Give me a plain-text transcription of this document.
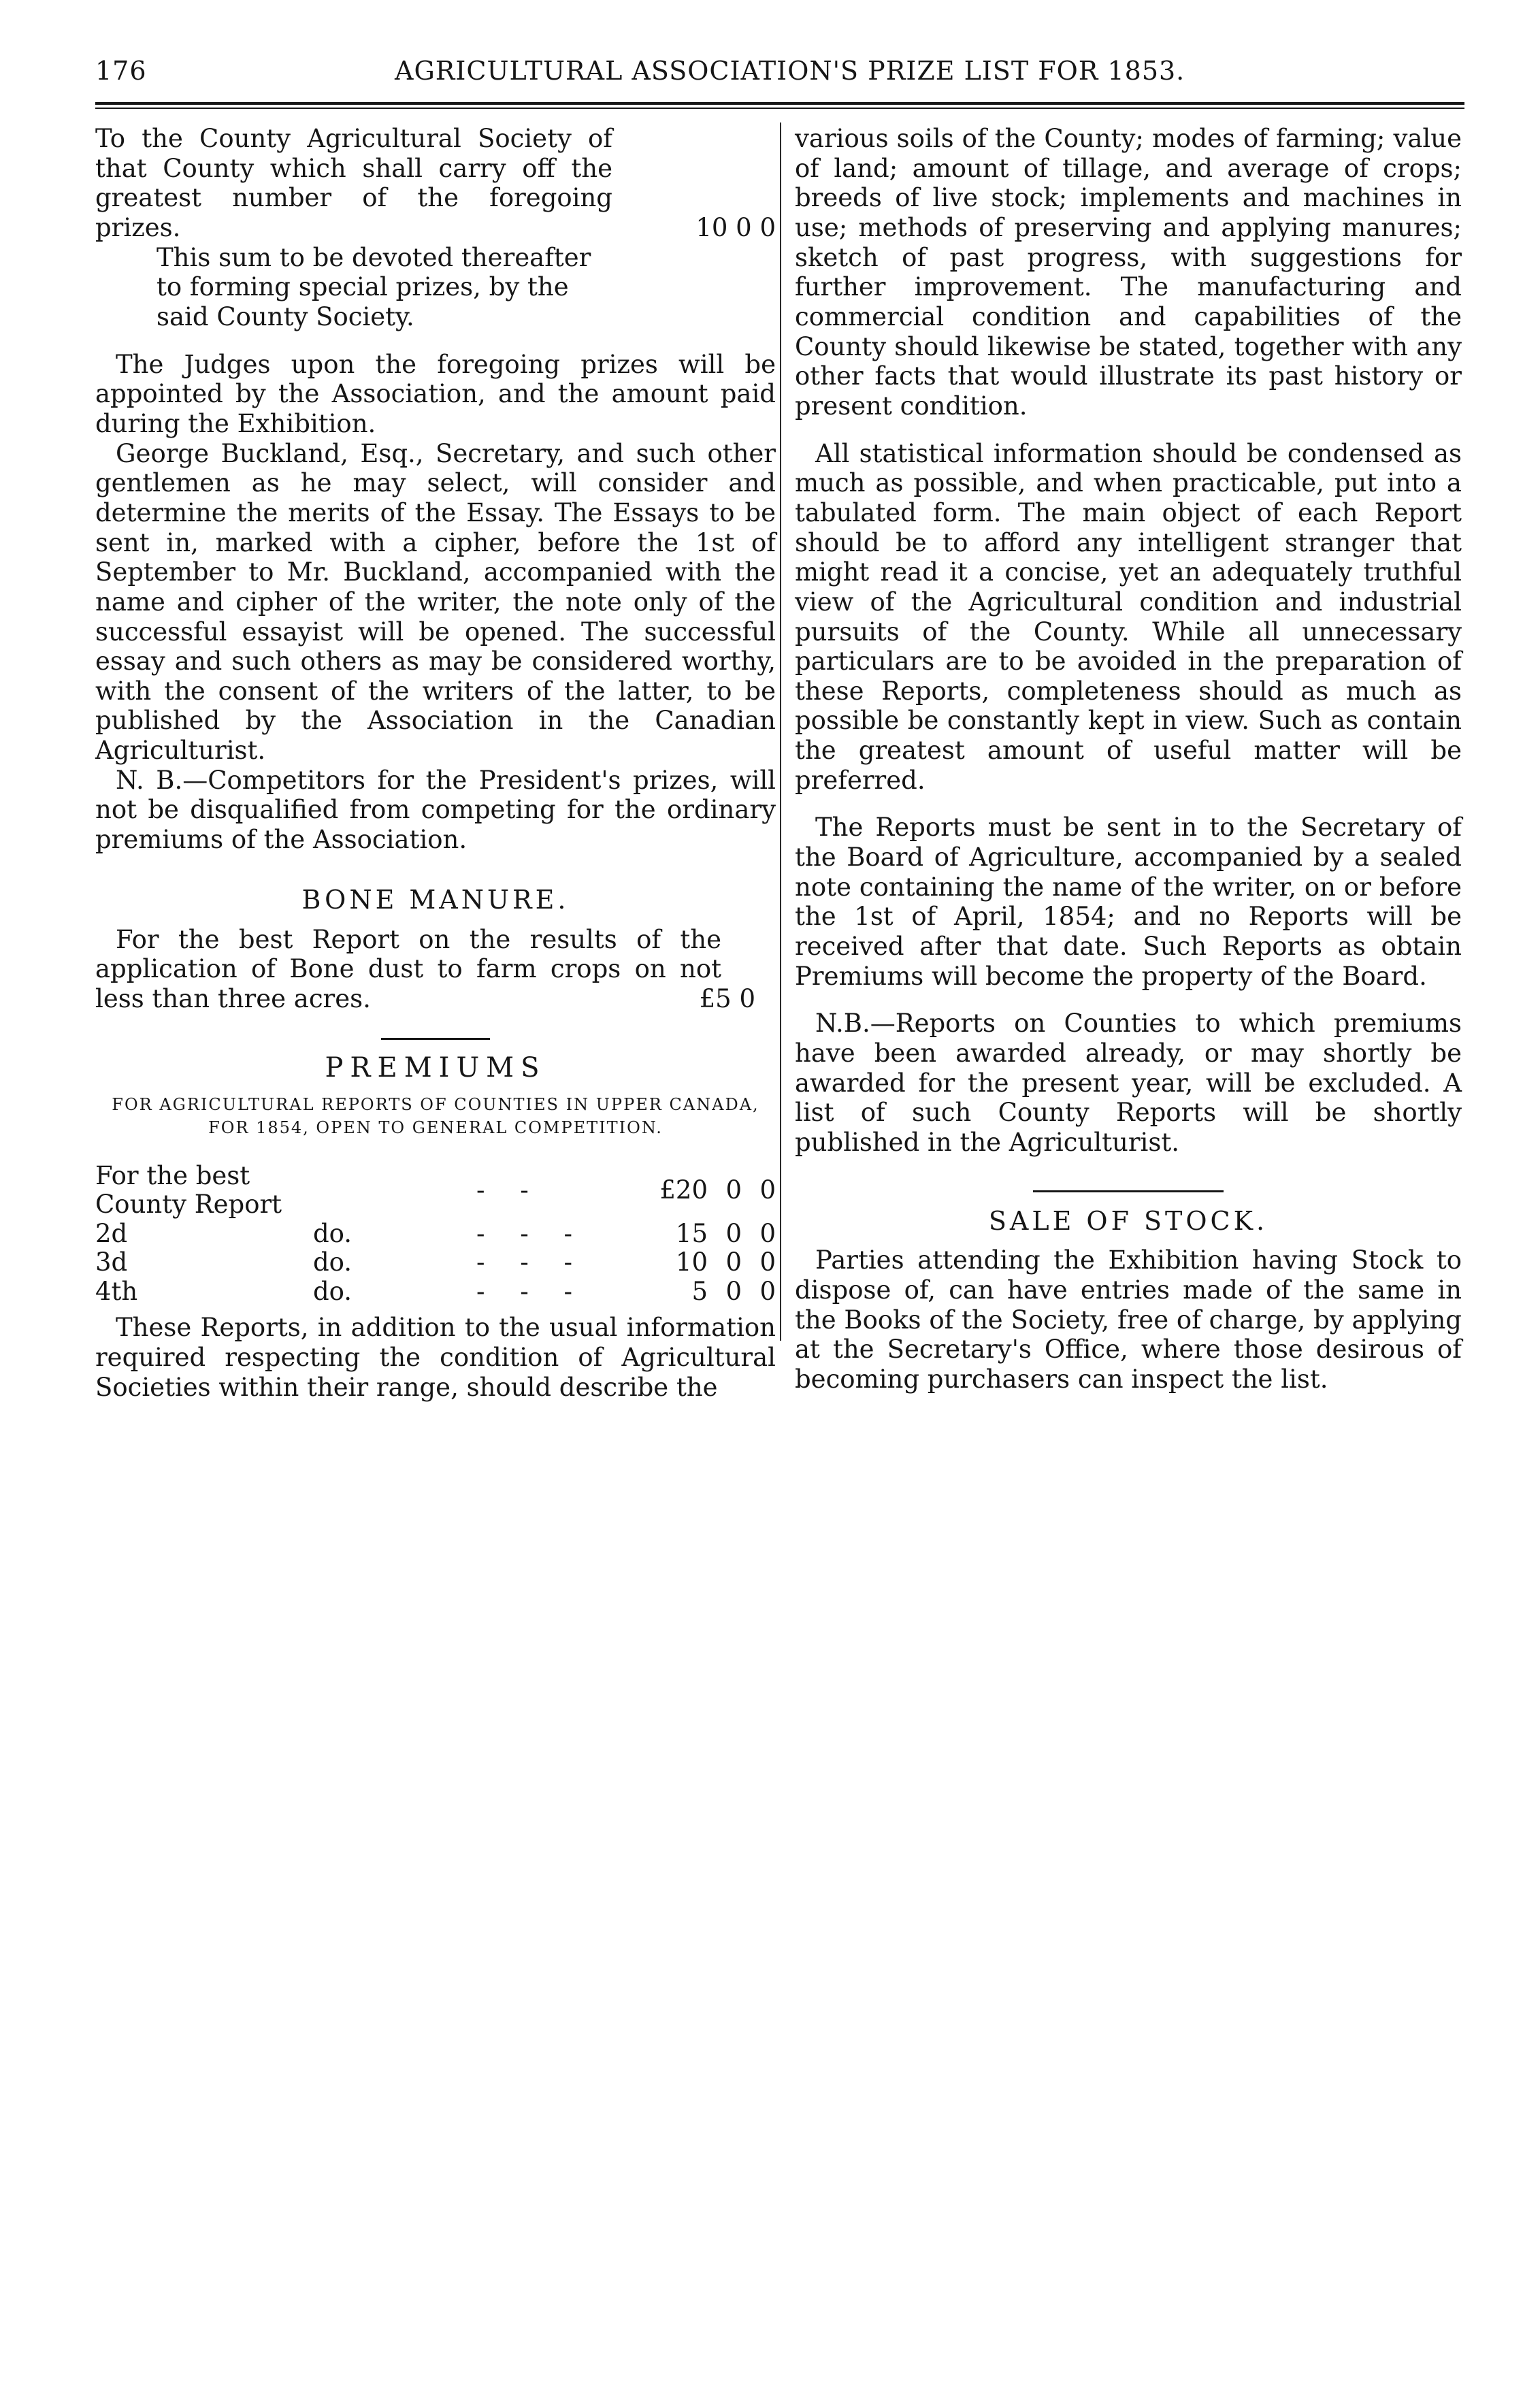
176	AGRICULTURAL ASSOCIATION'S PRIZE LIST FOR 1853.

To the County Agricultural Society of that County which shall carry off the greatest number of the foregoing prizes.	10 0 0

This sum to be devoted thereafter to forming special prizes, by the said County Society.

The Judges upon the foregoing prizes will be appointed by the Association, and the amount paid during the Exhibition.

George Buckland, Esq., Secretary, and such other gentlemen as he may select, will consider and determine the merits of the Essay. The Essays to be sent in, marked with a cipher, before the 1st of September to Mr. Buckland, accompanied with the name and cipher of the writer, the note only of the successful essayist will be opened. The successful essay and such others as may be considered worthy, with the consent of the writers of the latter, to be published by the Association in the Canadian Agriculturist.

N. B.—Competitors for the President's prizes, will not be disqualified from competing for the ordinary premiums of the Association.

BONE MANURE.

For the best Report on the results of the application of Bone dust to farm crops on not less than three acres.	£5 0
PREMIUMS
FOR AGRICULTURAL REPORTS OF COUNTIES IN UPPER CANADA,
FOR 1854, OPEN TO GENERAL COMPETITION.
For the best County Report		- -	£20	0	0
2d	do.	- - -	15	0	0
3d	do.	- - -	10	0	0
4th	do.	- - -	5	0	0

These Reports, in addition to the usual information required respecting the condition of Agricultural Societies within their range, should describe the

various soils of the County; modes of farming; value of land; amount of tillage, and average of crops; breeds of live stock; implements and machines in use; methods of preserving and applying manures; sketch of past progress, with suggestions for further improvement. The manufacturing and commercial condition and capabilities of the County should likewise be stated, together with any other facts that would illustrate its past history or present condition.

All statistical information should be condensed as much as possible, and when practicable, put into a tabulated form. The main object of each Report should be to afford any intelligent stranger that might read it a concise, yet an adequately truthful view of the Agricultural condition and industrial pursuits of the County. While all unnecessary particulars are to be avoided in the preparation of these Reports, completeness should as much as possible be constantly kept in view. Such as contain the greatest amount of useful matter will be preferred.

The Reports must be sent in to the Secretary of the Board of Agriculture, accompanied by a sealed note containing the name of the writer, on or before the 1st of April, 1854; and no Reports will be received after that date. Such Reports as obtain Premiums will become the property of the Board.

N.B.—Reports on Counties to which premiums have been awarded already, or may shortly be awarded for the present year, will be excluded. A list of such County Reports will be shortly published in the Agriculturist.

SALE OF STOCK.

Parties attending the Exhibition having Stock to dispose of, can have entries made of the same in the Books of the Society, free of charge, by applying at the Secretary's Office, where those desirous of becoming purchasers can inspect the list.
